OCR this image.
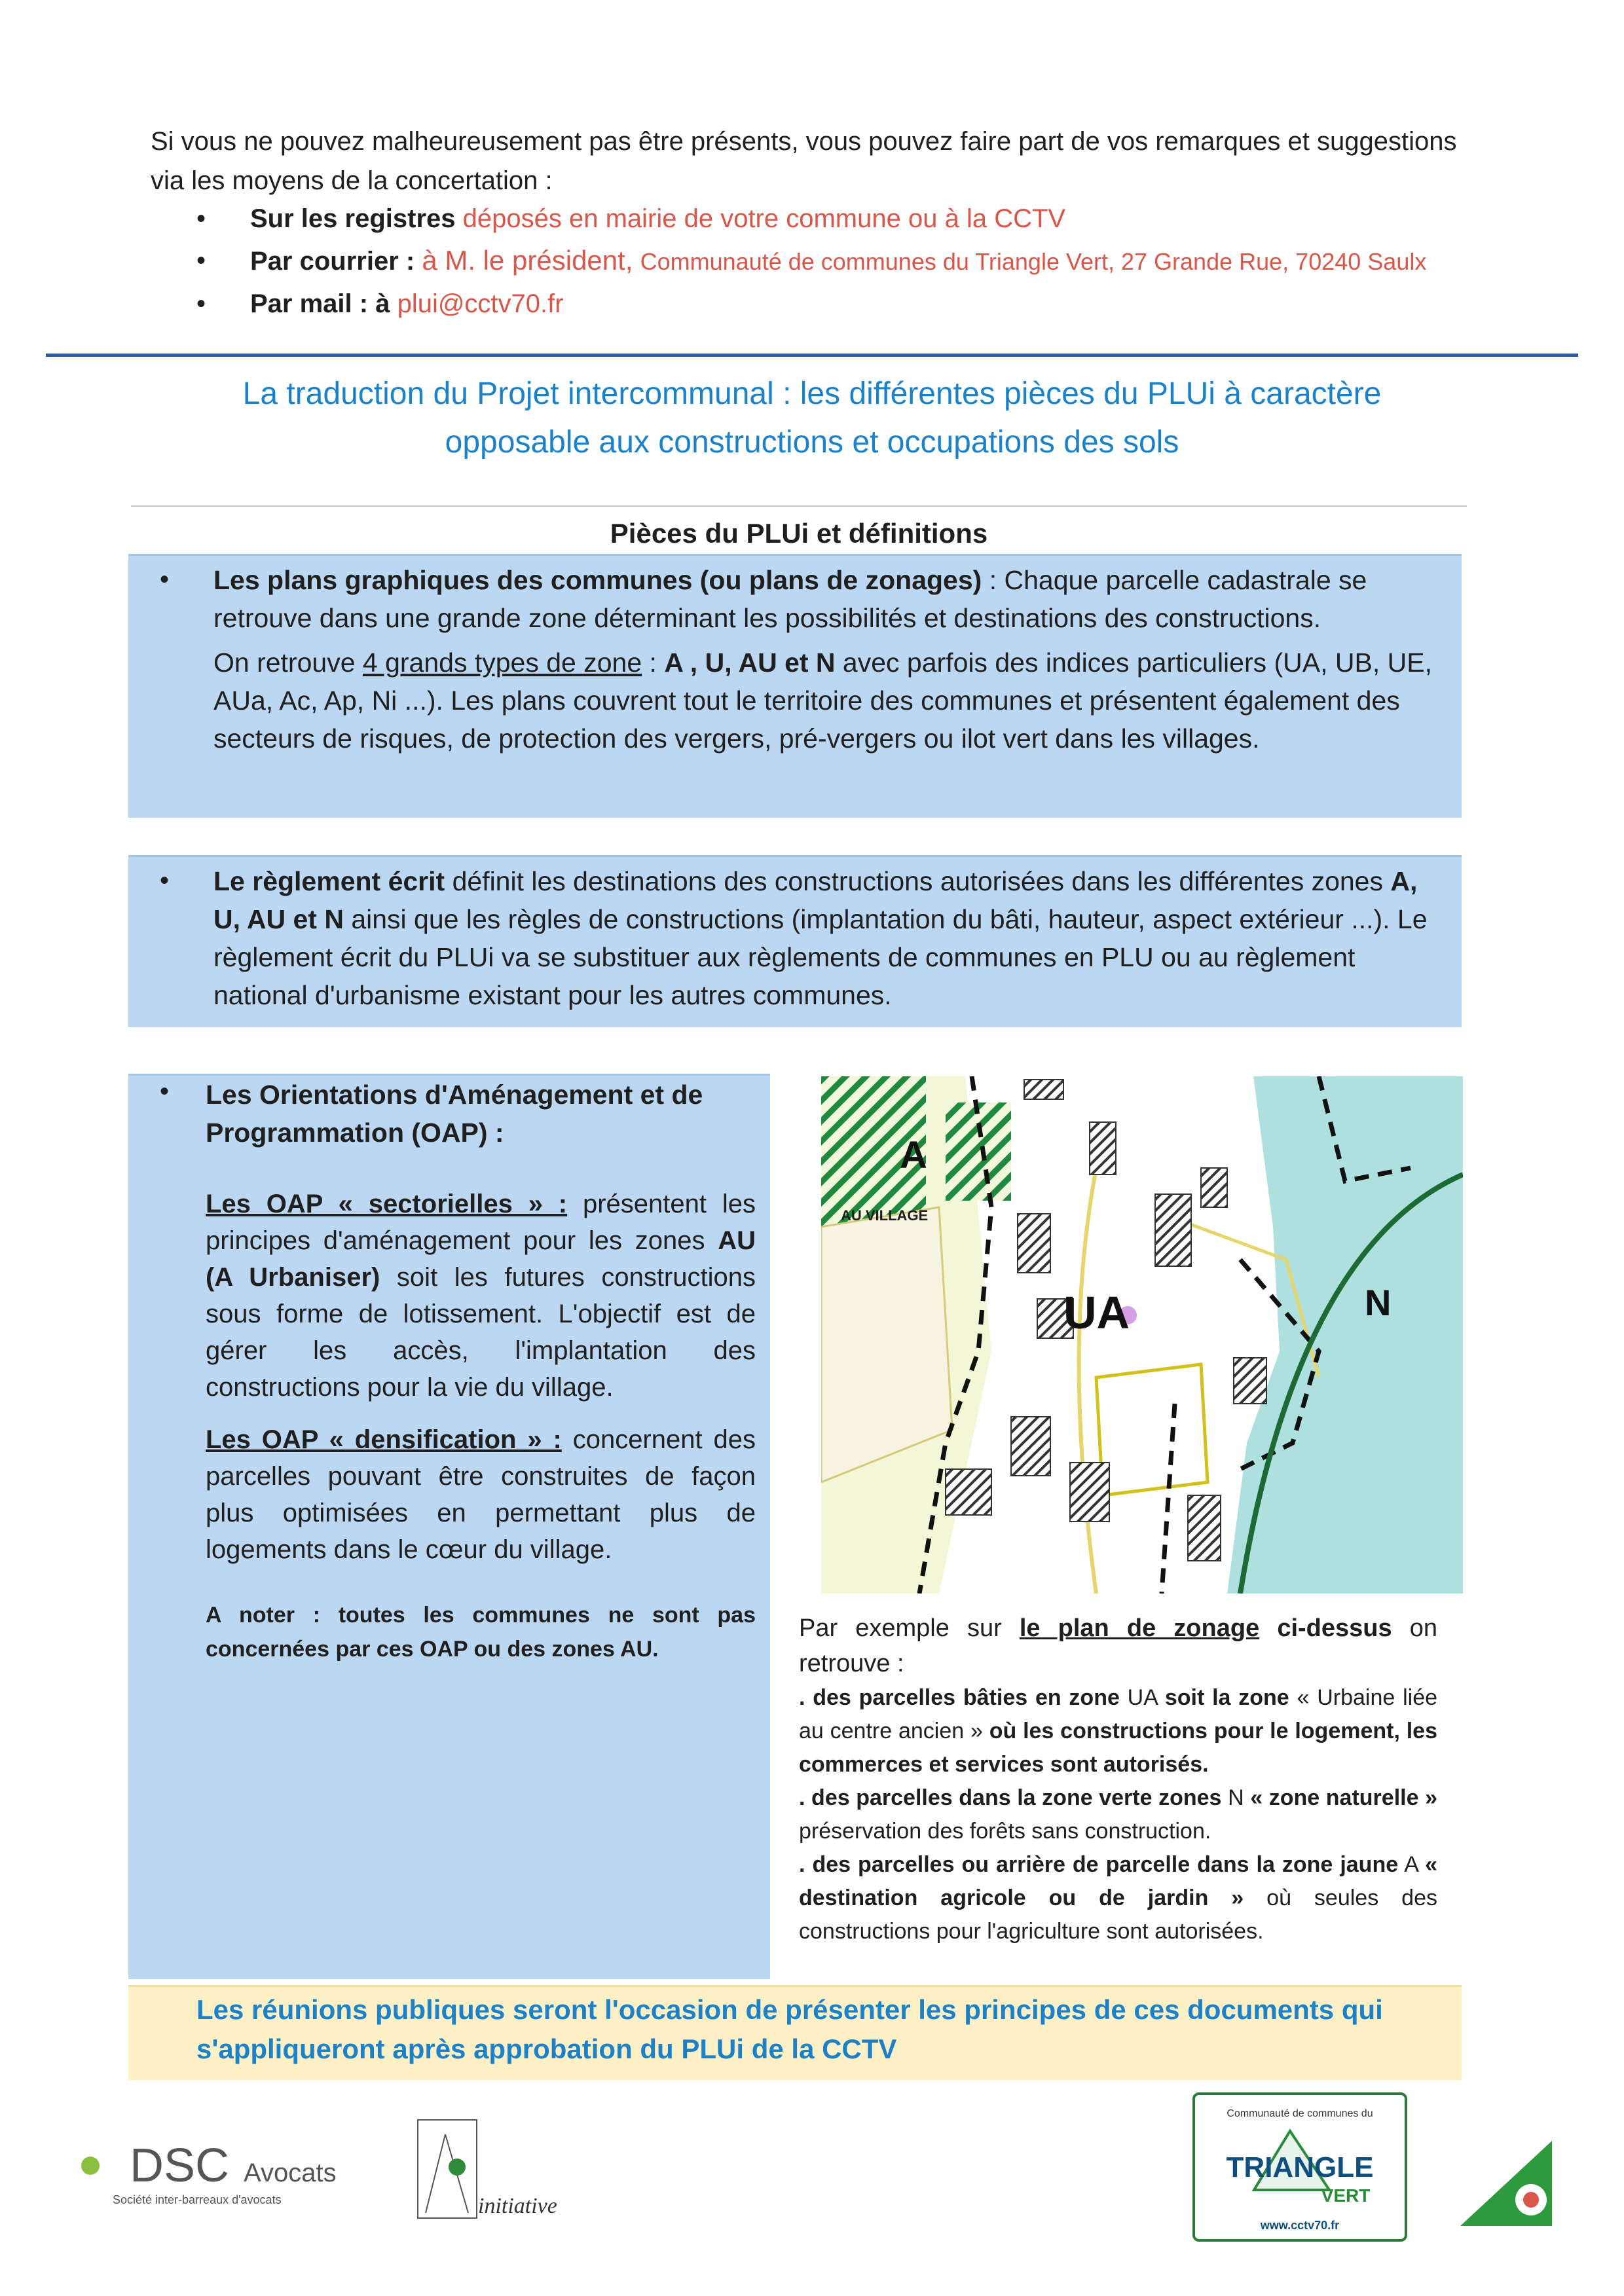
Si vous ne pouvez malheureusement pas être présents, vous pouvez faire part de vos remarques et suggestions via les moyens de la concertation :

• Sur les registres déposés en mairie de votre commune ou à la CCTV
• Par courrier : à M. le président, Communauté de communes du Triangle Vert, 27 Grande Rue, 70240 Saulx
• Par mail : à plui@cctv70.fr
La traduction du Projet intercommunal : les différentes pièces du PLUi à caractère
opposable aux constructions et occupations des sols
Pièces du PLUi et définitions
• Les plans graphiques des communes (ou plans de zonages) : Chaque parcelle cadastrale se retrouve dans une grande zone déterminant les possibilités et destinations des constructions.
On retrouve 4 grands types de zone : A , U, AU et N avec parfois des indices particuliers (UA, UB, UE, AUa, Ac, Ap, Ni ...). Les plans couvrent tout le territoire des communes et présentent également des secteurs de risques, de protection des vergers, pré-vergers ou ilot vert dans les villages.
• Le règlement écrit définit les destinations des constructions autorisées dans les différentes zones A, U, AU et N ainsi que les règles de constructions (implantation du bâti, hauteur, aspect extérieur ...). Le règlement écrit du PLUi va se substituer aux règlements de communes en PLU ou au règlement national d'urbanisme existant pour les autres communes.
• Les Orientations d'Aménagement et de Programmation (OAP) :
Les OAP « sectorielles » : présentent les principes d'aménagement pour les zones AU (A Urbaniser) soit les futures constructions sous forme de lotissement. L'objectif est de gérer les accès, l'implantation des constructions pour la vie du village.
Les OAP « densification » : concernent des parcelles pouvant être construites de façon plus optimisées en permettant plus de logements dans le cœur du village.
A noter : toutes les communes ne sont pas concernées par ces OAP ou des zones AU.
A
UA	N
AU VILLAGE

Par exemple sur le plan de zonage ci-dessus on retrouve :

. des parcelles bâties en zone UA soit la zone « Urbaine liée au centre ancien » où les constructions pour le logement, les commerces et services sont autorisés.

. des parcelles dans la zone verte zones N « zone naturelle » préservation des forêts sans construction.

. des parcelles ou arrière de parcelle dans la zone jaune A « destination agricole ou de jardin » où seules des constructions pour l'agriculture sont autorisées.

Les réunions publiques seront l'occasion de présenter les principes de ces documents qui s'appliqueront après approbation du PLUi de la CCTV
DSC Avocats
Société inter-barreaux d'avocats	initiative
Communauté de communes du
TRIANGLE
VERT
www.cctv70.fr
